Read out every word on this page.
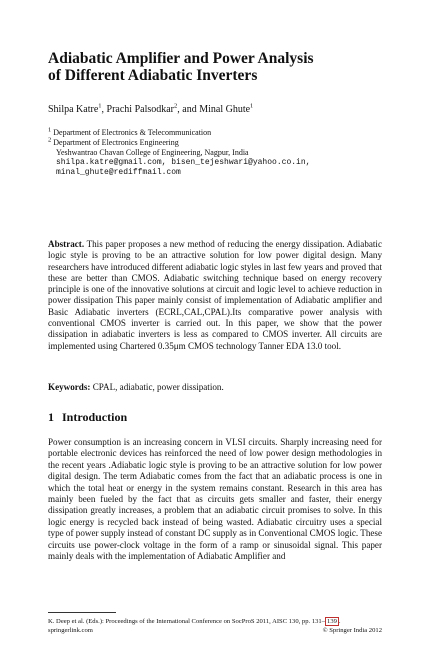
Adiabatic Amplifier and Power Analysis
of Different Adiabatic Inverters
Shilpa Katre$^1$, Prachi Palsodkar$^2$, and Minal Ghute$^1$
$^1$ Department of Electronics & Telecommunication
$^2$ Department of Electronics Engineering
Yeshwantrao Chavan College of Engineering, Nagpur, India
shilpa.katre@gmail.com, bisen_tejeshwari@yahoo.co.in,
minal_ghute@rediffmail.com

Abstract. This paper proposes a new method of reducing the energy dissipation. Adiabatic logic style is proving to be an attractive solution for low power digital design. Many researchers have introduced different adiabatic logic styles in last few years and proved that these are better than CMOS. Adiabatic switching technique based on energy recovery principle is one of the innovative solutions at circuit and logic level to achieve reduction in power dissipation This paper mainly consist of implementation of Adiabatic amplifier and Basic Adiabatic inverters (ECRL,CAL,CPAL).Its comparative power analysis with conventional CMOS inverter is carried out. In this paper, we show that the power dissipation in adiabatic inverters is less as compared to CMOS inverter. All circuits are implemented using Chartered 0.35μm CMOS technology Tanner EDA 13.0 tool.

Keywords: CPAL, adiabatic, power dissipation.
1 Introduction

Power consumption is an increasing concern in VLSI circuits. Sharply increasing need for portable electronic devices has reinforced the need of low power design methodologies in the recent years .Adiabatic logic style is proving to be an attractive solution for low power digital design. The term Adiabatic comes from the fact that an adiabatic process is one in which the total heat or energy in the system remains constant. Research in this area has mainly been fueled by the fact that as circuits gets smaller and faster, their energy dissipation greatly increases, a problem that an adiabatic circuit promises to solve. In this logic energy is recycled back instead of being wasted. Adiabatic circuitry uses a special type of power supply instead of constant DC supply as in Conventional CMOS logic. These circuits use power-clock voltage in the form of a ramp or sinusoidal signal. This paper mainly deals with the implementation of Adiabatic Amplifier and

K. Deep et al. (Eds.): Proceedings of the International Conference on SocProS 2011, AISC 130, pp. 131– 139 .
springerlink.com	© Springer India 2012
